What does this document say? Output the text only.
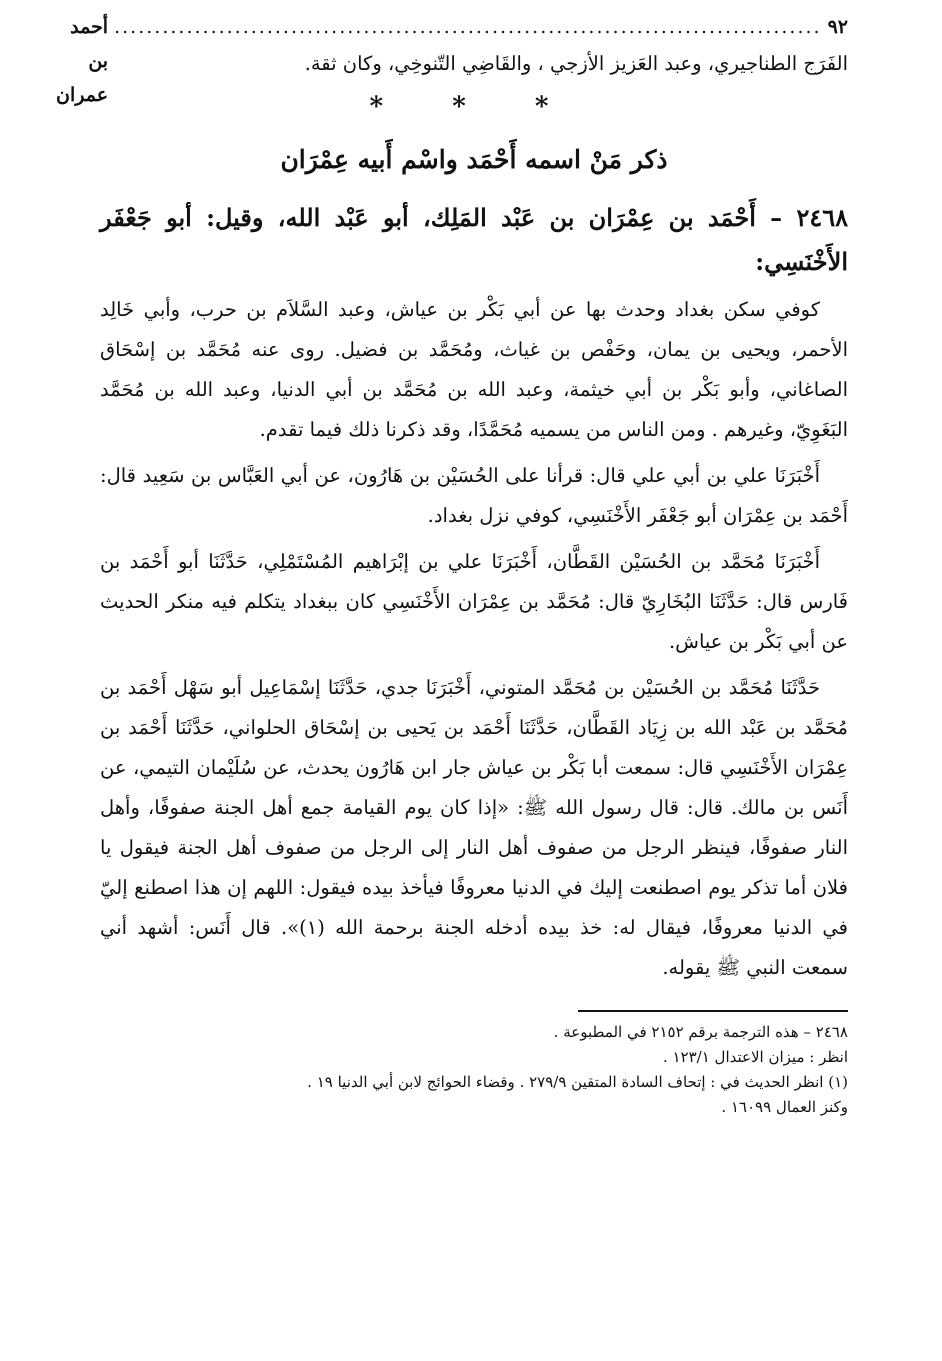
٩٢
........................................................................................
أحمد بن عمران

الفَرَج الطناجيري، وعبد العَزيز الأزجي ، والقَاضِي التّنوخِي، وكان ثقة.

* * *
ذكر مَنْ اسمه أَحْمَد واسْم أَبيه عِمْرَان

٢٤٦٨ – أَحْمَد بن عِمْرَان بن عَبْد المَلِك، أبو عَبْد الله، وقيل: أبو جَعْفَر الأَخْنَسِي:

كوفي سكن بغداد وحدث بها عن أبي بَكْر بن عياش، وعبد السَّلاَم بن حرب، وأبي خَالِد الأحمر، ويحيى بن يمان، وحَفْص بن غياث، ومُحَمَّد بن فضيل. روى عنه مُحَمَّد بن إسْحَاق الصاغاني، وأبو بَكْر بن أبي خيثمة، وعبد الله بن مُحَمَّد بن أبي الدنيا، وعبد الله بن مُحَمَّد البَغَوِيّ، وغيرهم . ومن الناس من يسميه مُحَمَّدًا، وقد ذكرنا ذلك فيما تقدم.

أَخْبَرَنَا علي بن أبي علي قال: قرأنا على الحُسَيْن بن هَارُون، عن أبي العَبَّاس بن سَعِيد قال: أَحْمَد بن عِمْرَان أبو جَعْفَر الأَخْنَسِي، كوفي نزل بغداد.

أَخْبَرَنَا مُحَمَّد بن الحُسَيْن القَطَّان، أَخْبَرَنَا علي بن إبْرَاهيم المُسْتَمْلِي، حَدَّثَنَا أبو أَحْمَد بن فَارس قال: حَدَّثَنَا البُخَارِيّ قال: مُحَمَّد بن عِمْرَان الأَخْنَسِي كان ببغداد يتكلم فيه منكر الحديث عن أبي بَكْر بن عياش.

حَدَّثَنَا مُحَمَّد بن الحُسَيْن بن مُحَمَّد المتوني، أَخْبَرَنَا جدي، حَدَّثَنَا إسْمَاعِيل أبو سَهْل أَحْمَد بن مُحَمَّد بن عَبْد الله بن زِيَاد القَطَّان، حَدَّثَنَا أَحْمَد بن يَحيى بن إسْحَاق الحلواني، حَدَّثَنَا أَحْمَد بن عِمْرَان الأَخْنَسِي قال: سمعت أبا بَكْر بن عياش جار ابن هَارُون يحدث، عن سُلَيْمان التيمي، عن أَنَس بن مالك. قال: قال رسول الله ﷺ: «إذا كان يوم القيامة جمع أهل الجنة صفوفًا، وأهل النار صفوفًا، فينظر الرجل من صفوف أهل النار إلى الرجل من صفوف أهل الجنة فيقول يا فلان أما تذكر يوم اصطنعت إليك في الدنيا معروفًا فيأخذ بيده فيقول: اللهم إن هذا اصطنع إليّ في الدنيا معروفًا، فيقال له: خذ بيده أدخله الجنة برحمة الله (١)». قال أَنَس: أشهد أني سمعت النبي ﷺ يقوله.

٢٤٦٨ – هذه الترجمة برقم ٢١٥٢ في المطبوعة .

انظر : ميزان الاعتدال ١٢٣/١ .

(١) انظر الحديث في : إتحاف السادة المتقين ٢٧٩/٩ . وقضاء الحوائج لابن أبي الدنيا ١٩ .

وكنز العمال ١٦٠٩٩ .
